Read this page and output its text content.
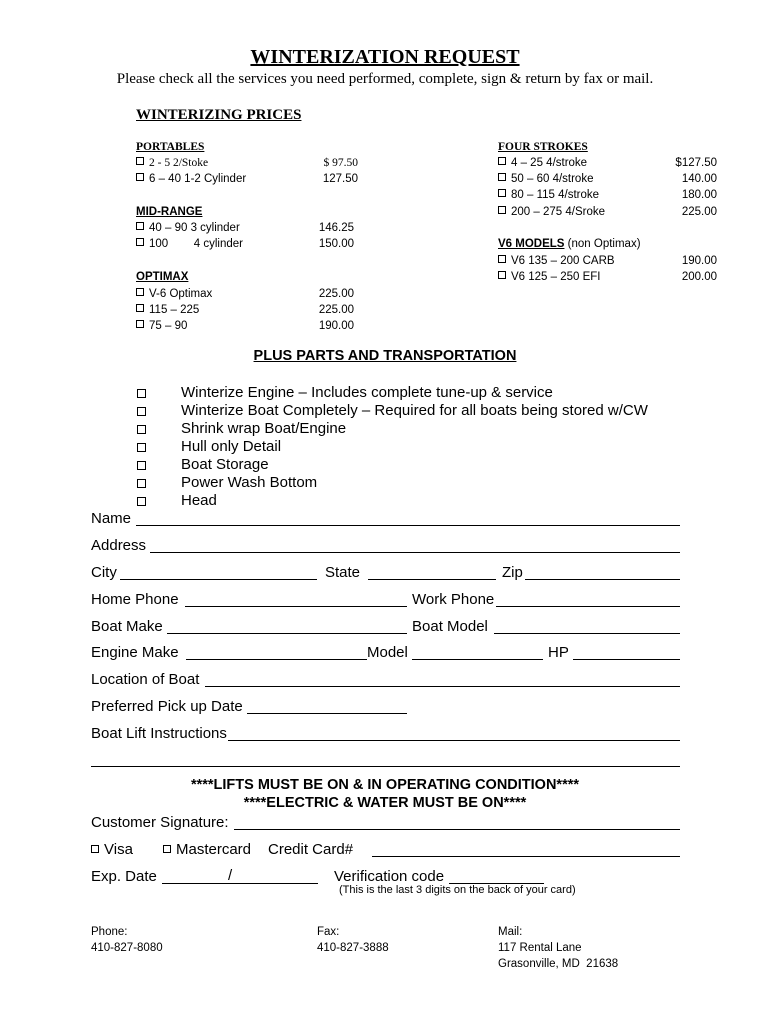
WINTERIZATION REQUEST
Please check all the services you need performed, complete, sign & return by fax or mail.
WINTERIZING PRICES
PORTABLES
2 - 5 2/Stoke	$ 97.50
6 – 40 1-2 Cylinder	127.50
MID-RANGE
40 – 90 3 cylinder	146.25
100        4 cylinder	150.00
OPTIMAX
V-6 Optimax	225.00
115 – 225	225.00
75 – 90	190.00
FOUR STROKES
4 – 25 4/stroke	$127.50
50 – 60 4/stroke	140.00
80 – 115 4/stroke	180.00
200 – 275 4/Sroke	225.00
V6 MODELS (non Optimax)
V6 135 – 200 CARB	190.00
V6 125 – 250 EFI	200.00
PLUS PARTS AND TRANSPORTATION
Winterize Engine – Includes complete tune-up & service
Winterize Boat Completely – Required for all boats being stored w/CW
Shrink wrap Boat/Engine
Hull only Detail
Boat Storage
Power Wash Bottom
Head
Name
Address
City	State	Zip
Home Phone	Work Phone
Boat Make	Boat Model
Engine Make	Model	HP
Location of Boat
Preferred Pick up Date
Boat Lift Instructions
****LIFTS MUST BE ON & IN OPERATING CONDITION****
****ELECTRIC & WATER MUST BE ON****
Customer Signature:
Visa	Mastercard Credit Card#
Exp. Date	/	Verification code
(This is the last 3 digits on the back of your card)
Phone:
410-827-8080
Fax:
410-827-3888
Mail:
117 Rental Lane
Grasonville, MD  21638
